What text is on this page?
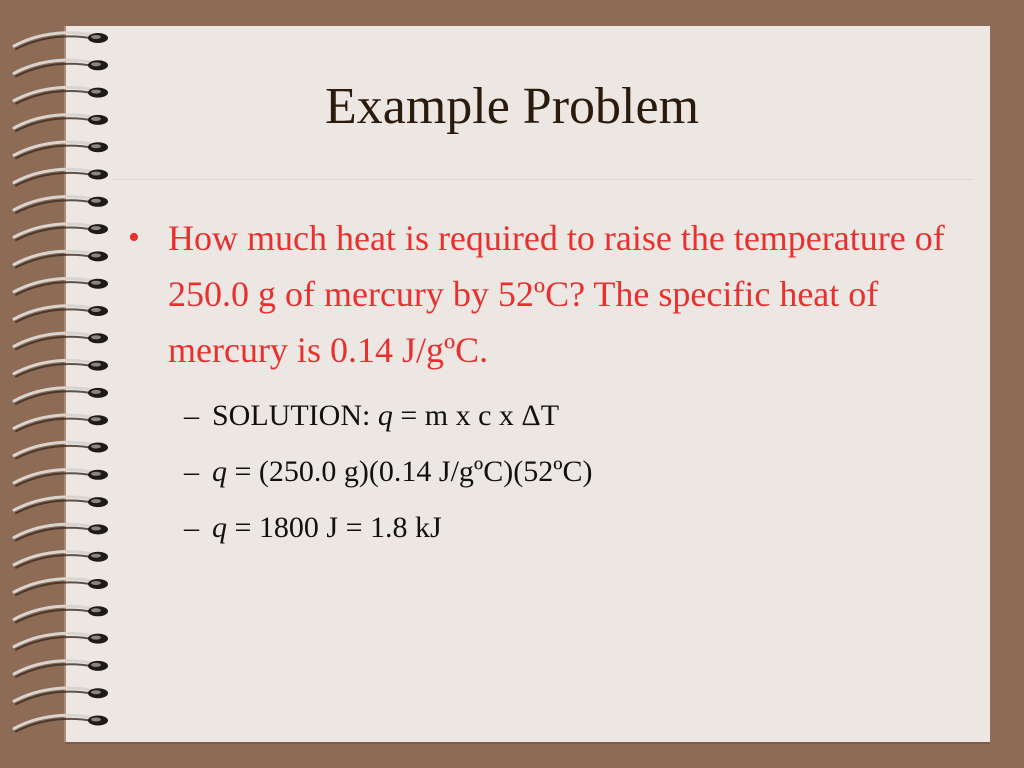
Example Problem

• How much heat is required to raise the temperature of 250.0 g of mercury by 52ºC? The specific heat of mercury is 0.14 J/gºC.

– SOLUTION: q = m x c x ΔT
– q = (250.0 g)(0.14 J/gºC)(52ºC)
– q = 1800 J = 1.8 kJ
